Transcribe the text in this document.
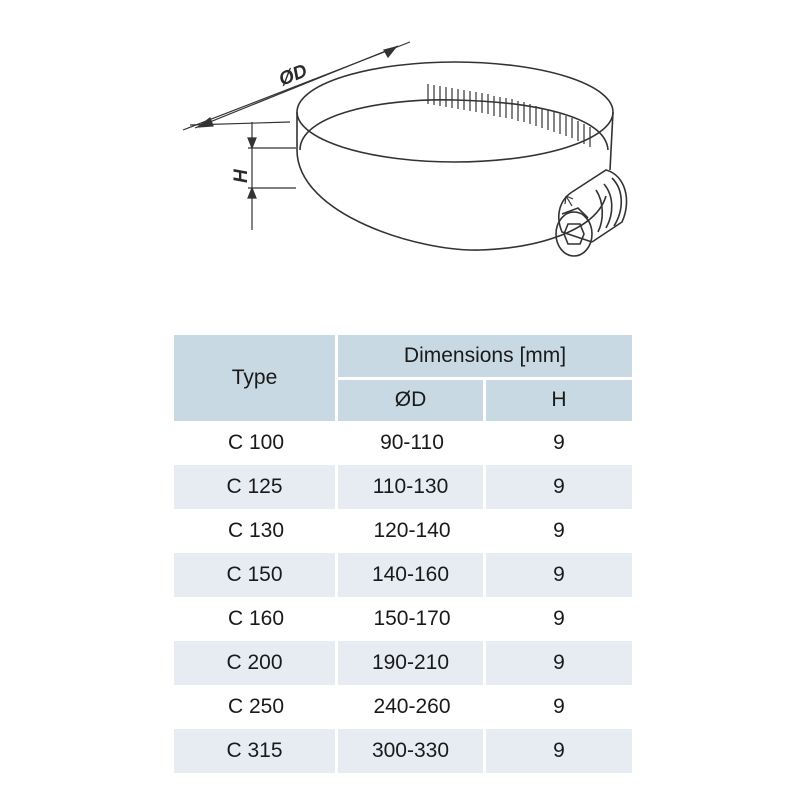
ØD
H
Type	Dimensions [mm]	
	ØD	H
C 100	90-110	9
C 125	110-130	9
C 130	120-140	9
C 150	140-160	9
C 160	150-170	9
C 200	190-210	9
C 250	240-260	9
C 315	300-330	9
